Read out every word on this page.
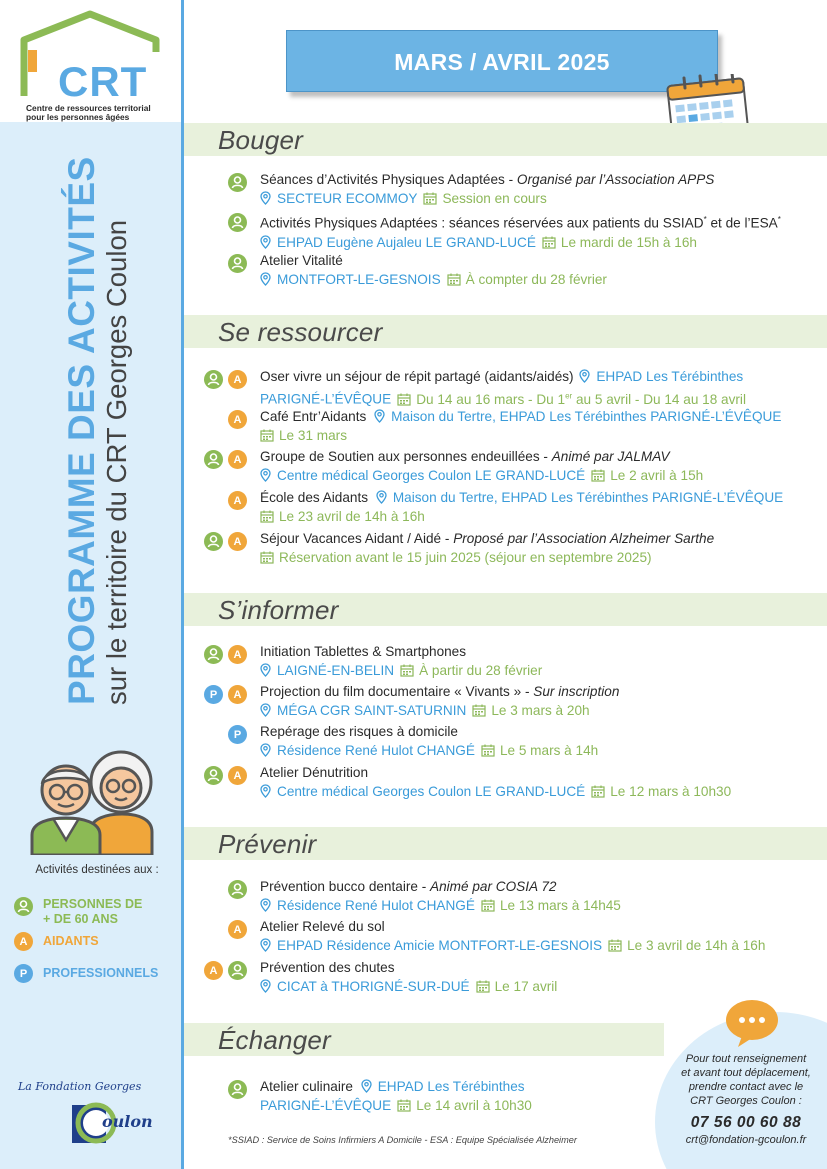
CRT
Centre de ressources territorial
pour les personnes âgées
PROGRAMME DES ACTIVITÉS sur le territoire du CRT Georges Coulon
Activités destinées aux :
PERSONNES DE
+ DE 60 ANS
A	AIDANTS
P	PROFESSIONNELS
La Fondation Georges
oulon
MARS / AVRIL 2025
Bouger
Séances d’Activités Physiques Adaptées - Organisé par l’Association APPS
SECTEUR ECOMMOY Session en cours
Activités Physiques Adaptées : séances réservées aux patients du SSIAD* et de l’ESA*
EHPAD Eugène Aujaleu LE GRAND-LUCÉ Le mardi de 15h à 16h
Atelier Vitalité
MONTFORT-LE-GESNOIS À compter du 28 février
Se ressourcer
A	Oser vivre un séjour de répit partagé (aidants/aidés) EHPAD Les Térébinthes
PARIGNÉ-L’ÉVÊQUE Du 14 au 16 mars - Du 1er au 5 avril - Du 14 au 18 avril
A	Café Entr’Aidants Maison du Tertre, EHPAD Les Térébinthes PARIGNÉ-L’ÉVÊQUE
Le 31 mars
A	Groupe de Soutien aux personnes endeuillées - Animé par JALMAV
Centre médical Georges Coulon LE GRAND-LUCÉ Le 2 avril à 15h
A	École des Aidants Maison du Tertre, EHPAD Les Térébinthes PARIGNÉ-L’ÉVÊQUE
Le 23 avril de 14h à 16h
A	Séjour Vacances Aidant / Aidé - Proposé par l’Association Alzheimer Sarthe
Réservation avant le 15 juin 2025 (séjour en septembre 2025)
S’informer
A	Initiation Tablettes & Smartphones
LAIGNÉ-EN-BELIN À partir du 28 février
P	A	Projection du film documentaire « Vivants » - Sur inscription
MÉGA CGR SAINT-SATURNIN Le 3 mars à 20h
P	Repérage des risques à domicile
Résidence René Hulot CHANGÉ Le 5 mars à 14h
A	Atelier Dénutrition
Centre médical Georges Coulon LE GRAND-LUCÉ Le 12 mars à 10h30
Prévenir
Prévention bucco dentaire - Animé par COSIA 72
Résidence René Hulot CHANGÉ Le 13 mars à 14h45
A	Atelier Relevé du sol
EHPAD Résidence Amicie MONTFORT-LE-GESNOIS Le 3 avril de 14h à 16h
A	Prévention des chutes
CICAT à THORIGNÉ-SUR-DUÉ Le 17 avril
Échanger
Atelier culinaire EHPAD Les Térébinthes
PARIGNÉ-L’ÉVÊQUE Le 14 avril à 10h30
*SSIAD : Service de Soins Infirmiers A Domicile - ESA : Equipe Spécialisée Alzheimer
Pour tout renseignement
et avant tout déplacement,
prendre contact avec le
CRT Georges Coulon :
07 56 00 60 88
crt@fondation-gcoulon.fr
